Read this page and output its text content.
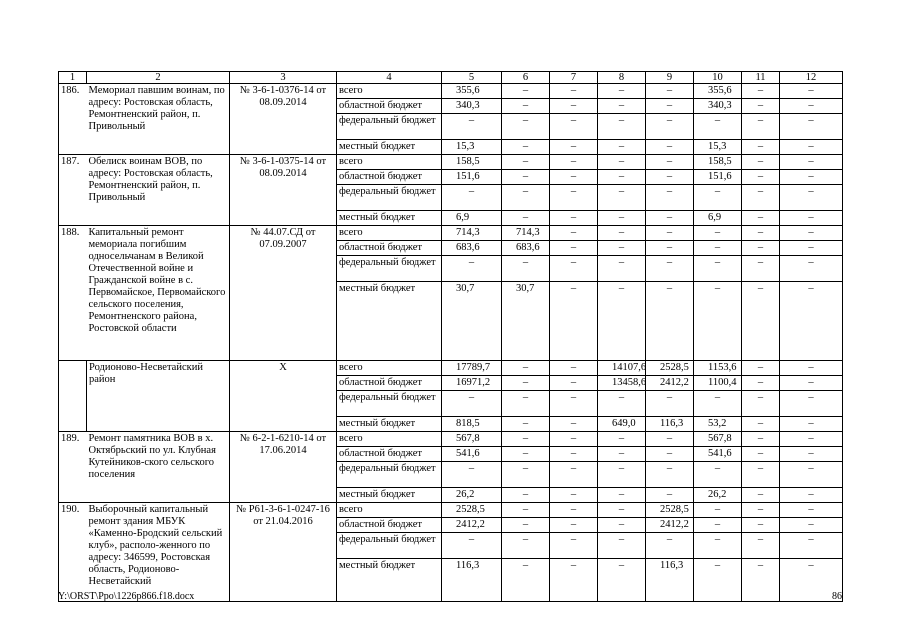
1	2	3	4	5	6	7	8	9	10	11	12
186.	Мемориал павшим воинам, по адресу: Ростовская область, Ремонтненский район, п. Привольный	№ 3-6-1-0376-14 от 08.09.2014	всего	355,6	–	–	–	–	355,6	–	–
			областной бюджет	340,3	–	–	–	–	340,3	–	–
			федеральный бюджет	–	–	–	–	–	–	–	–
			местный бюджет	15,3	–	–	–	–	15,3	–	–
187.	Обелиск воинам ВОВ, по адресу: Ростовская область, Ремонтненский район, п. Привольный	№ 3-6-1-0375-14 от 08.09.2014	всего	158,5	–	–	–	–	158,5	–	–
			областной бюджет	151,6	–	–	–	–	151,6	–	–
			федеральный бюджет	–	–	–	–	–	–	–	–
			местный бюджет	6,9	–	–	–	–	6,9	–	–
188.	Капитальный ремонт мемориала погибшим односельчанам в Великой Отечественной войне и Гражданской войне в с. Первомайское, Первомайского сельского поселения, Ремонтненского района, Ростовской области	№ 44.07.СД от 07.09.2007	всего	714,3	714,3	–	–	–	–	–	–
			областной бюджет	683,6	683,6	–	–	–	–	–	–
			федеральный бюджет	–	–	–	–	–	–	–	–
			местный бюджет	30,7	30,7	–	–	–	–	–	–
	Родионово-Несветайский район	Х	всего	17789,7	–	–	14107,6	2528,5	1153,6	–	–
			областной бюджет	16971,2	–	–	13458,6	2412,2	1100,4	–	–
			федеральный бюджет	–	–	–	–	–	–	–	–
			местный бюджет	818,5	–	–	649,0	116,3	53,2	–	–
189.	Ремонт памятника ВОВ в х. Октябрьский по ул. Клубная Кутейников-ского сельского поселения	№ 6-2-1-6210-14 от 17.06.2014	всего	567,8	–	–	–	–	567,8	–	–
			областной бюджет	541,6	–	–	–	–	541,6	–	–
			федеральный бюджет	–	–	–	–	–	–	–	–
			местный бюджет	26,2	–	–	–	–	26,2	–	–
190.	Выборочный капитальный ремонт здания МБУК «Каменно-Бродский сельский клуб», располо-женного по адресу: 346599, Ростовская область, Родионово-Несветайский	№ Р61-3-6-1-0247-16 от 21.04.2016	всего	2528,5	–	–	–	2528,5	–	–	–
			областной бюджет	2412,2	–	–	–	2412,2	–	–	–
			федеральный бюджет	–	–	–	–	–	–	–	–
			местный бюджет	116,3	–	–	–	116,3	–	–	–
Y:\ORST\Ppo\1226p866.f18.docx	86
